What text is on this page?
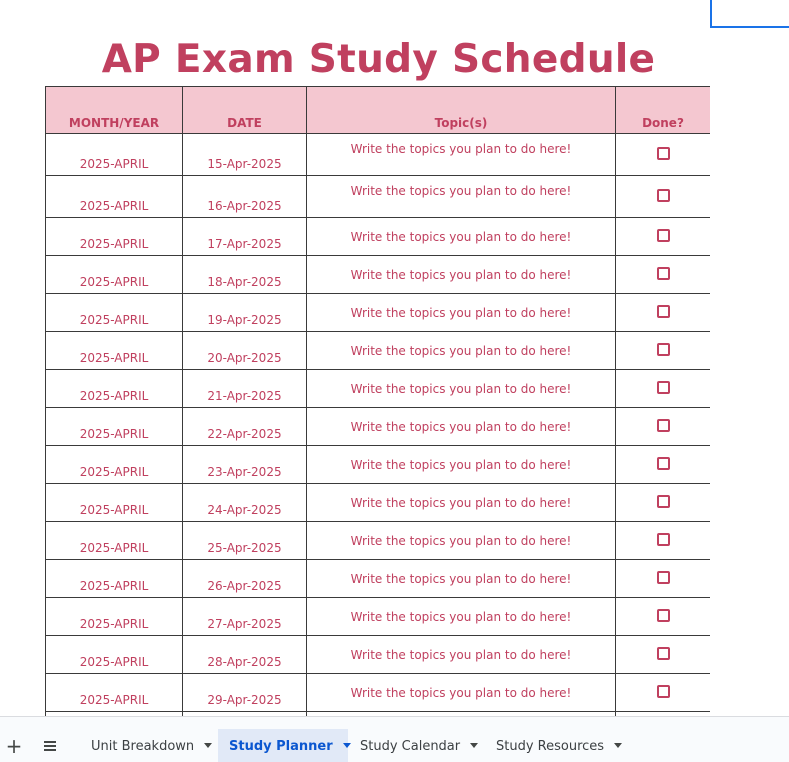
AP Exam Study Schedule
MONTH/YEAR	DATE	Topic(s)	Done?
2025-APRIL	15-Apr-2025	Write the topics you plan to do here!	
2025-APRIL	16-Apr-2025	Write the topics you plan to do here!	
2025-APRIL	17-Apr-2025	Write the topics you plan to do here!	
2025-APRIL	18-Apr-2025	Write the topics you plan to do here!	
2025-APRIL	19-Apr-2025	Write the topics you plan to do here!	
2025-APRIL	20-Apr-2025	Write the topics you plan to do here!	
2025-APRIL	21-Apr-2025	Write the topics you plan to do here!	
2025-APRIL	22-Apr-2025	Write the topics you plan to do here!	
2025-APRIL	23-Apr-2025	Write the topics you plan to do here!	
2025-APRIL	24-Apr-2025	Write the topics you plan to do here!	
2025-APRIL	25-Apr-2025	Write the topics you plan to do here!	
2025-APRIL	26-Apr-2025	Write the topics you plan to do here!	
2025-APRIL	27-Apr-2025	Write the topics you plan to do here!	
2025-APRIL	28-Apr-2025	Write the topics you plan to do here!	
2025-APRIL	29-Apr-2025	Write the topics you plan to do here!	

+	Unit Breakdown	Study Planner	Study Calendar	Study Resources
